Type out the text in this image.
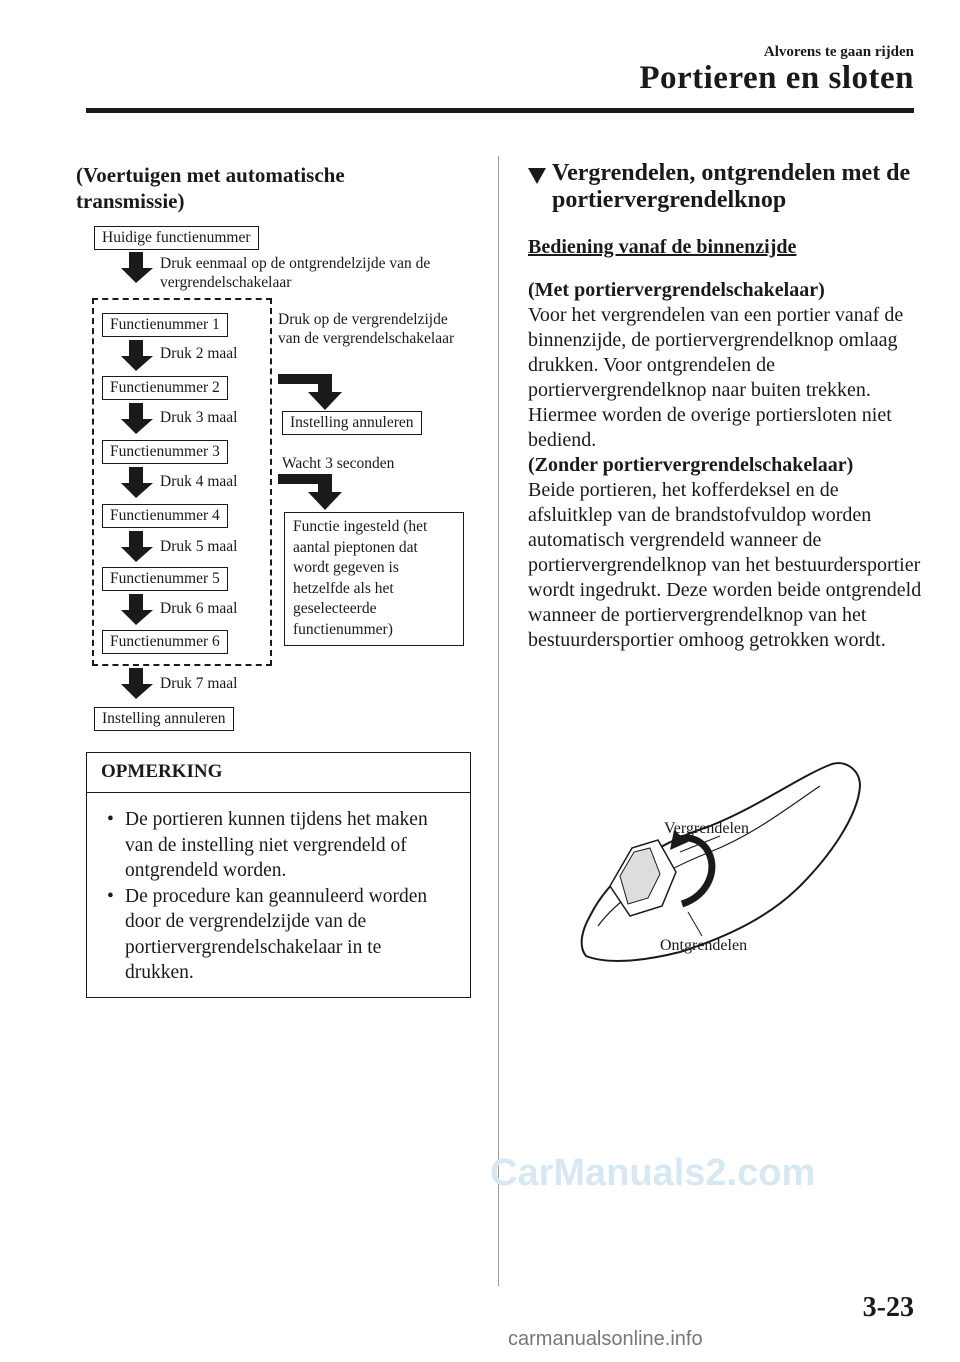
Alvorens te gaan rijden
Portieren en sloten
(Voertuigen met automatische transmissie)
Huidige functienummer
Druk eenmaal op de ontgrendelzijde van de vergrendelschakelaar
Functienummer 1
Druk 2 maal
Functienummer 2
Druk 3 maal
Functienummer 3
Druk 4 maal
Functienummer 4
Druk 5 maal
Functienummer 5
Druk 6 maal
Functienummer 6
Druk 7 maal
Instelling annuleren
Druk op de vergrendelzijde van de vergrendelschakelaar
Instelling annuleren
Wacht 3 seconden
Functie ingesteld (het aantal pieptonen dat wordt gegeven is hetzelfde als het geselecteerde functienummer)
OPMERKING
• De portieren kunnen tijdens het maken van de instelling niet vergrendeld of ontgrendeld worden.
• De procedure kan geannuleerd worden door de vergrendelzijde van de portiervergrendelschakelaar in te drukken.
Vergrendelen, ontgrendelen met de portiervergrendelknop
Bediening vanaf de binnenzijde

(Met portiervergrendelschakelaar)

Voor het vergrendelen van een portier vanaf de binnenzijde, de portiervergrendelknop omlaag drukken. Voor ontgrendelen de portiervergrendelknop naar buiten trekken. Hiermee worden de overige portiersloten niet bediend.

(Zonder portiervergrendelschakelaar)

Beide portieren, het kofferdeksel en de afsluitklep van de brandstofvuldop worden automatisch vergrendeld wanneer de portiervergrendelknop van het bestuurdersportier wordt ingedrukt. Deze worden beide ontgrendeld wanneer de portiervergrendelknop van het bestuurdersportier omhoog getrokken wordt.

Vergrendelen
Ontgrendelen
CarManuals2.com
3-23
carmanualsonline.info
